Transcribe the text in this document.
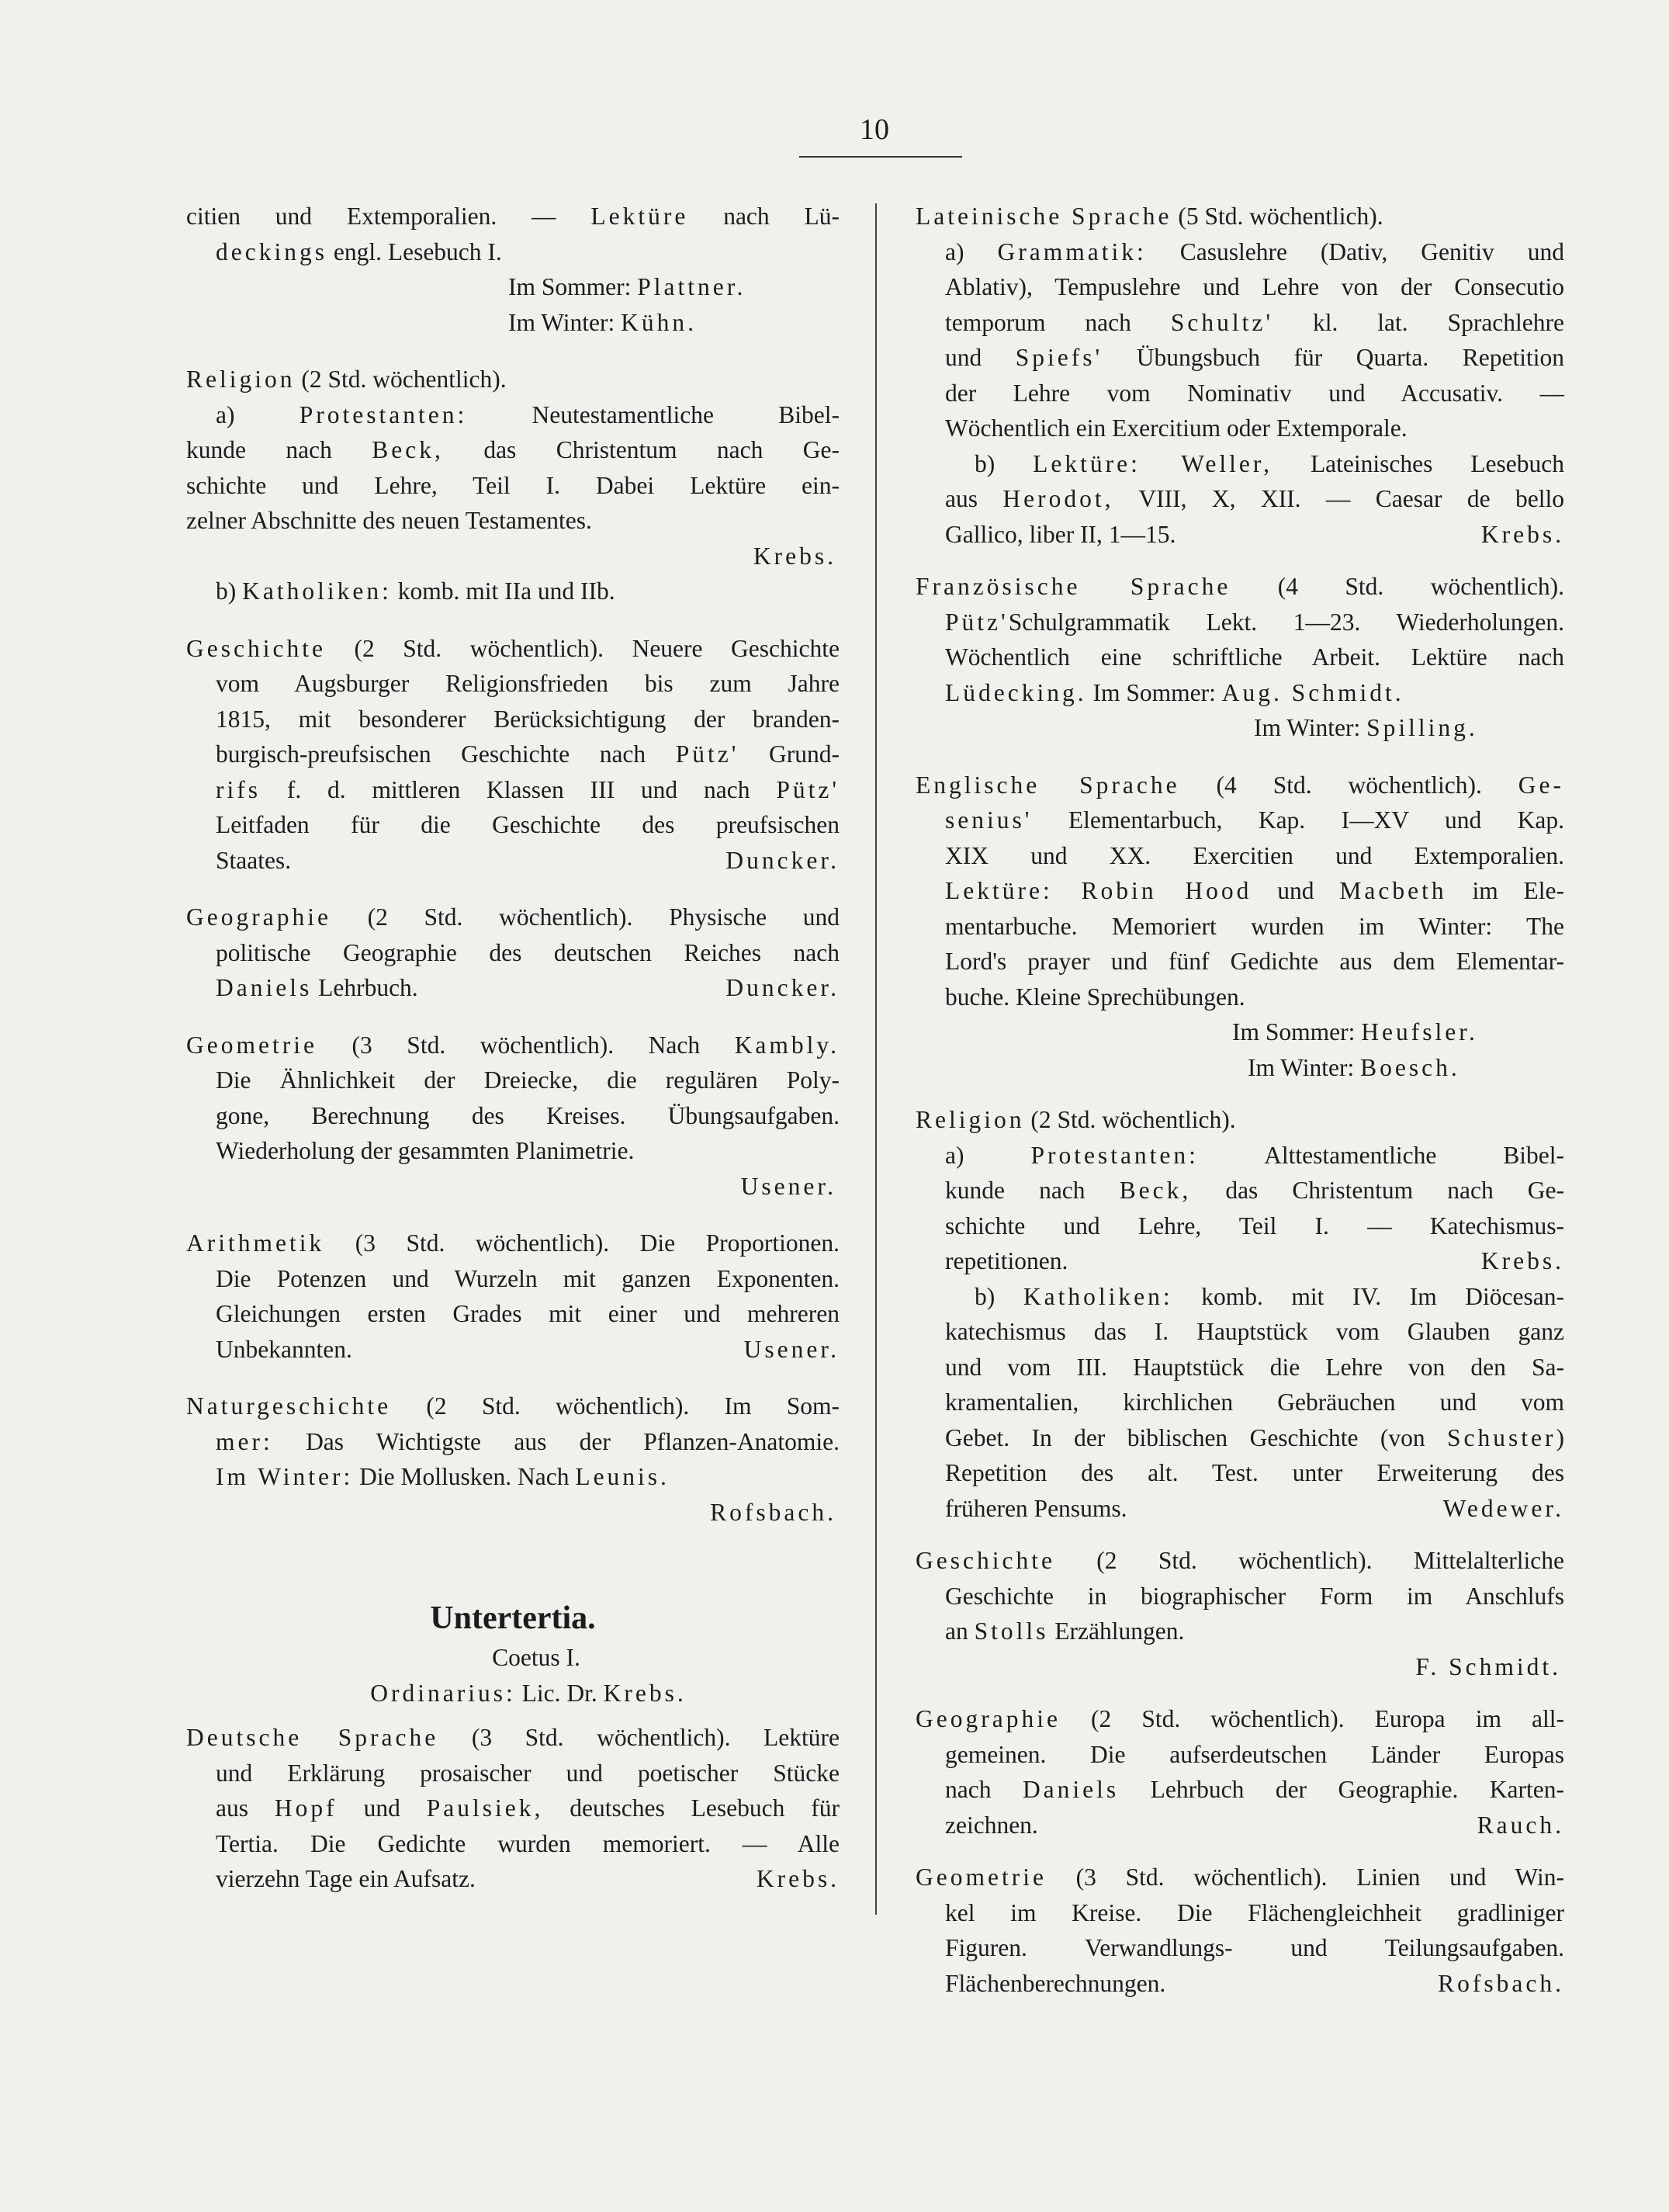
10
citien und Extemporalien. — Lektüre nach Lü-
deckings engl. Lesebuch I.
Im Sommer: Plattner.
Im Winter: Kühn.
Religion (2 Std. wöchentlich).
a) Protestanten: Neutestamentliche Bibel-
kunde nach Beck, das Christentum nach Ge-
schichte und Lehre, Teil I. Dabei Lektüre ein-
zelner Abschnitte des neuen Testamentes.
Krebs.
b) Katholiken: komb. mit IIa und IIb.
Geschichte (2 Std. wöchentlich). Neuere Geschichte
vom Augsburger Religionsfrieden bis zum Jahre
1815, mit besonderer Berücksichtigung der branden-
burgisch-preufsischen Geschichte nach Pütz' Grund-
rifs f. d. mittleren Klassen III und nach Pütz'
Leitfaden für die Geschichte des preufsischen
Staates.	Duncker.
Geographie (2 Std. wöchentlich). Physische und
politische Geographie des deutschen Reiches nach
Daniels Lehrbuch.	Duncker.
Geometrie (3 Std. wöchentlich). Nach Kambly.
Die Ähnlichkeit der Dreiecke, die regulären Poly-
gone, Berechnung des Kreises. Übungsaufgaben.
Wiederholung der gesammten Planimetrie.
Usener.
Arithmetik (3 Std. wöchentlich). Die Proportionen.
Die Potenzen und Wurzeln mit ganzen Exponenten.
Gleichungen ersten Grades mit einer und mehreren
Unbekannten.	Usener.
Naturgeschichte (2 Std. wöchentlich). Im Som-
mer: Das Wichtigste aus der Pflanzen-Anatomie.
Im Winter: Die Mollusken. Nach Leunis.
Rofsbach.
Untertertia.
Coetus I.
Ordinarius: Lic. Dr. Krebs.
Deutsche Sprache (3 Std. wöchentlich). Lektüre
und Erklärung prosaischer und poetischer Stücke
aus Hopf und Paulsiek, deutsches Lesebuch für
Tertia. Die Gedichte wurden memoriert. — Alle
vierzehn Tage ein Aufsatz.	Krebs.
Lateinische Sprache (5 Std. wöchentlich).
a) Grammatik: Casuslehre (Dativ, Genitiv und
Ablativ), Tempuslehre und Lehre von der Consecutio
temporum nach Schultz' kl. lat. Sprachlehre
und Spiefs' Übungsbuch für Quarta. Repetition
der Lehre vom Nominativ und Accusativ. —
Wöchentlich ein Exercitium oder Extemporale.
b) Lektüre: Weller, Lateinisches Lesebuch
aus Herodot, VIII, X, XII. — Caesar de bello
Gallico, liber II, 1—15.	Krebs.
Französische Sprache (4 Std. wöchentlich).
Pütz'Schulgrammatik Lekt. 1—23. Wiederholungen.
Wöchentlich eine schriftliche Arbeit. Lektüre nach
Lüdecking. Im Sommer: Aug. Schmidt.
Im Winter: Spilling.
Englische Sprache (4 Std. wöchentlich). Ge-
senius' Elementarbuch, Kap. I—XV und Kap.
XIX und XX. Exercitien und Extemporalien.
Lektüre: Robin Hood und Macbeth im Ele-
mentarbuche. Memoriert wurden im Winter: The
Lord's prayer und fünf Gedichte aus dem Elementar-
buche. Kleine Sprechübungen.
Im Sommer: Heufsler.
Im Winter: Boesch.
Religion (2 Std. wöchentlich).
a) Protestanten: Alttestamentliche Bibel-
kunde nach Beck, das Christentum nach Ge-
schichte und Lehre, Teil I. — Katechismus-
repetitionen.	Krebs.
b) Katholiken: komb. mit IV. Im Diöcesan-
katechismus das I. Hauptstück vom Glauben ganz
und vom III. Hauptstück die Lehre von den Sa-
kramentalien, kirchlichen Gebräuchen und vom
Gebet. In der biblischen Geschichte (von Schuster)
Repetition des alt. Test. unter Erweiterung des
früheren Pensums.	Wedewer.
Geschichte (2 Std. wöchentlich). Mittelalterliche
Geschichte in biographischer Form im Anschlufs
an Stolls Erzählungen.
F. Schmidt.
Geographie (2 Std. wöchentlich). Europa im all-
gemeinen. Die aufserdeutschen Länder Europas
nach Daniels Lehrbuch der Geographie. Karten-
zeichnen.	Rauch.
Geometrie (3 Std. wöchentlich). Linien und Win-
kel im Kreise. Die Flächengleichheit gradliniger
Figuren. Verwandlungs- und Teilungsaufgaben.
Flächenberechnungen.	Rofsbach.
